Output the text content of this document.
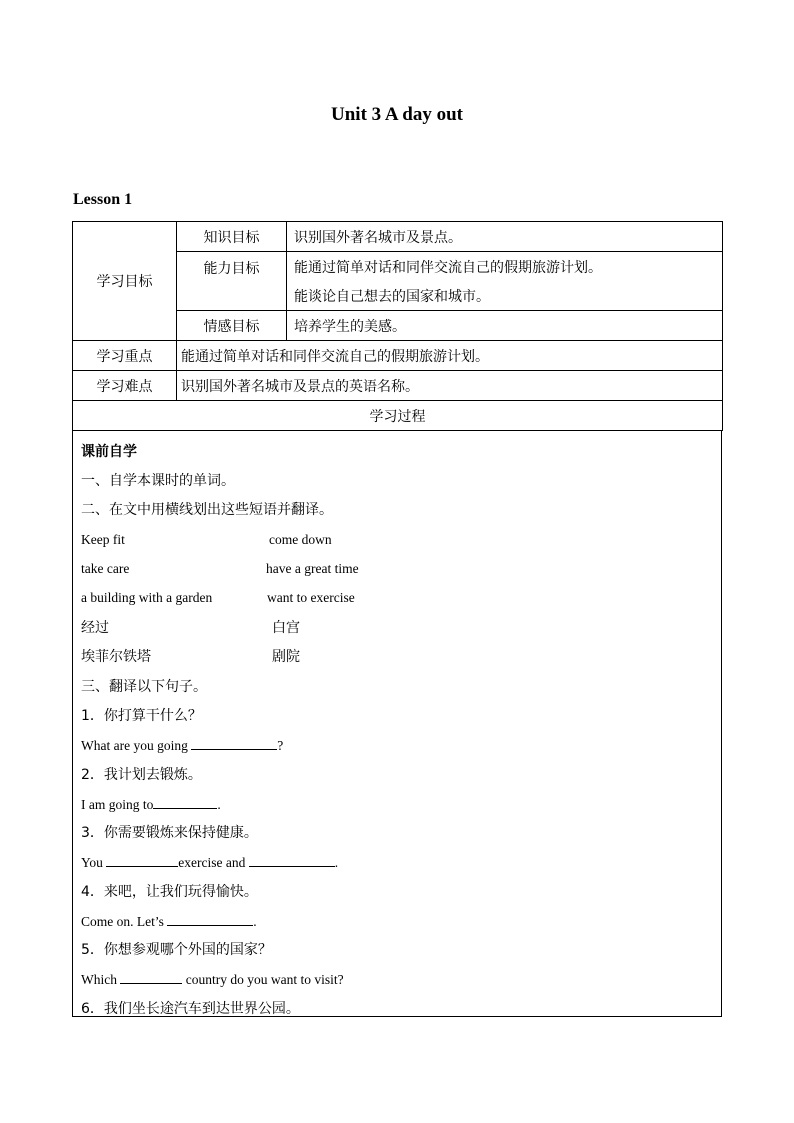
Unit 3 A day out
Lesson 1
学习目标	知识目标	识别国外著名城市及景点。
	能力目标	能通过简单对话和同伴交流自己的假期旅游计划。
		能谈论自己想去的国家和城市。
	情感目标	培养学生的美感。
学习重点	能通过简单对话和同伴交流自己的假期旅游计划。	
学习难点	识别国外著名城市及景点的英语名称。	
学习过程		
课前自学
一、自学本课时的单词。
二、在文中用横线划出这些短语并翻译。
Keep fit	come down
take care	have a great time
a building with a garden	want to exercise
经过	白宫
埃菲尔铁塔	剧院
三、翻译以下句子。
1．你打算干什么？
What are you going	?
2．我计划去锻炼。
I am going to	.
3．你需要锻炼来保持健康。
You	exercise and	.
4．来吧，让我们玩得愉快。
Come on. Let’s	.
5．你想参观哪个外国的国家？
Which	country do you want to visit?
6．我们坐长途汽车到达世界公园。
